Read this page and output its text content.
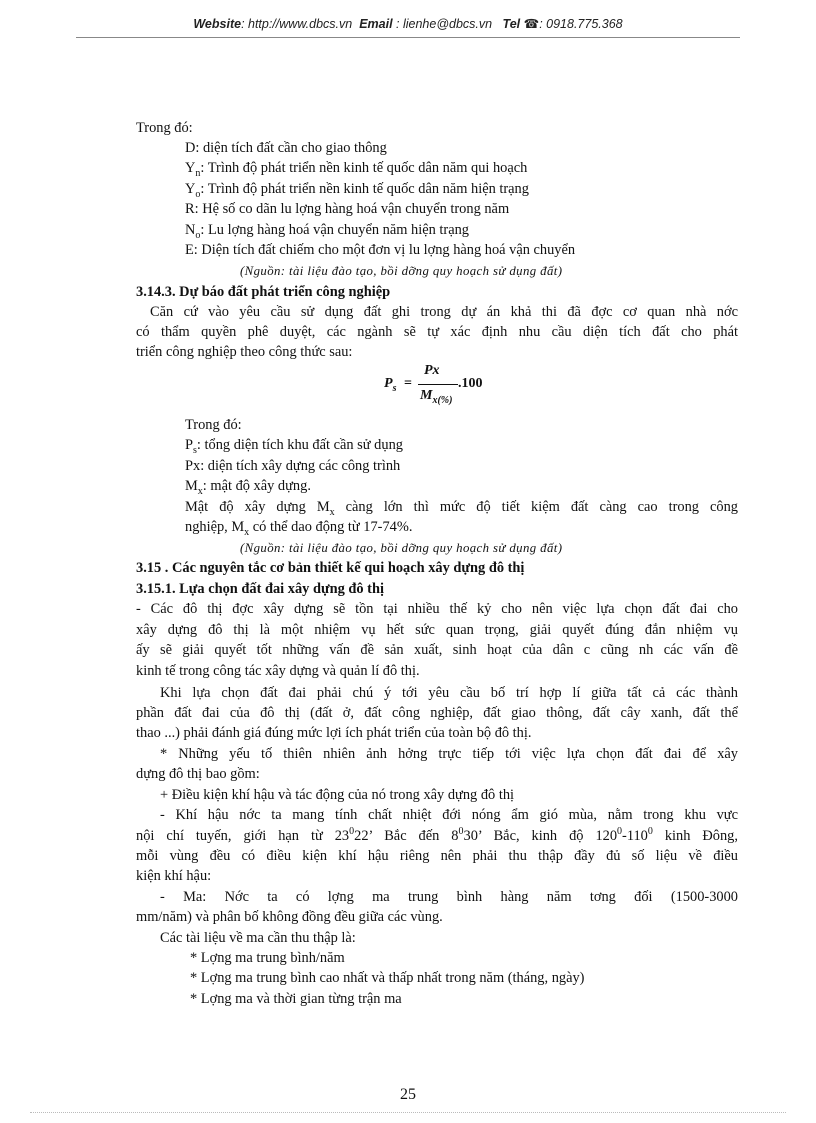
Website: http://www.dbcs.vn Email : lienhe@dbcs.vn Tel ☎: 0918.775.368
Trong đó:
D: diện tích đất cần cho giao thông
$Y_n$: Trình độ phát triển nền kinh tế quốc dân năm qui hoạch
$Y_o$: Trình độ phát triển nền kinh tế quốc dân năm hiện trạng
R: Hệ số co dãn lu lợng hàng hoá vận chuyển trong năm
$N_o$: Lu lợng hàng hoá vận chuyển năm hiện trạng
E: Diện tích đất chiếm cho một đơn vị lu lợng hàng hoá vận chuyển
(Nguồn: tài liệu đào tạo, bồi dỡng quy hoạch sử dụng đất)
3.14.3. Dự báo đất phát triển công nghiệp
Căn cứ vào yêu cầu sử dụng đất ghi trong dự án khả thi đã đợc cơ quan nhà nớc
có thẩm quyền phê duyệt, các ngành sẽ tự xác định nhu cầu diện tích đất cho phát
triển công nghiệp theo công thức sau:
$P_s$ =
Px
$M_{x(\%)}$
.100
Trong đó:
$P_s$: tổng diện tích khu đất cần sử dụng
Px: diện tích xây dựng các công trình
$M_x$: mật độ xây dựng.
Mật độ xây dựng $M_x$ càng lớn thì mức độ tiết kiệm đất càng cao trong công
nghiệp, $M_x$ có thể dao động từ 17-74%.
(Nguồn: tài liệu đào tạo, bồi dỡng quy hoạch sử dụng đất)
3.15 . Các nguyên tắc cơ bản thiết kế qui hoạch xây dựng đô thị
3.15.1. Lựa chọn đất đai xây dựng đô thị
- Các đô thị đợc xây dựng sẽ tồn tại nhiều thế kỷ cho nên việc lựa chọn đất đai cho
xây dựng đô thị là một nhiệm vụ hết sức quan trọng, giải quyết đúng đắn nhiệm vụ
ấy sẽ giải quyết tốt những vấn đề sản xuất, sinh hoạt của dân c cũng nh các vấn đề
kinh tế trong công tác xây dựng và quản lí đô thị.
Khi lựa chọn đất đai phải chú ý tới yêu cầu bố trí hợp lí giữa tất cả các thành
phần đất đai của đô thị (đất ở, đất công nghiệp, đất giao thông, đất cây xanh, đất thể
thao ...) phải đánh giá đúng mức lợi ích phát triển của toàn bộ đô thị.
* Những yếu tố thiên nhiên ảnh hởng trực tiếp tới việc lựa chọn đất đai để xây
dựng đô thị bao gồm:
+ Điều kiện khí hậu và tác động của nó trong xây dựng đô thị
- Khí hậu nớc ta mang tính chất nhiệt đới nóng ẩm gió mùa, nằm trong khu vực
nội chí tuyến, giới hạn từ $23^022$’ Bắc đến $8^030$’ Bắc, kinh độ $120^0-110^0$ kinh Đông,
mỗi vùng đều có điều kiện khí hậu riêng nên phải thu thập đầy đủ số liệu về điều
kiện khí hậu:
- Ma: Nớc ta có lợng ma trung bình hàng năm tơng đối (1500-3000
mm/năm) và phân bố không đồng đều giữa các vùng.
Các tài liệu về ma cần thu thập là:
* Lợng ma trung bình/năm
* Lợng ma trung bình cao nhất và thấp nhất trong năm (tháng, ngày)
* Lợng ma và thời gian từng trận ma
25
